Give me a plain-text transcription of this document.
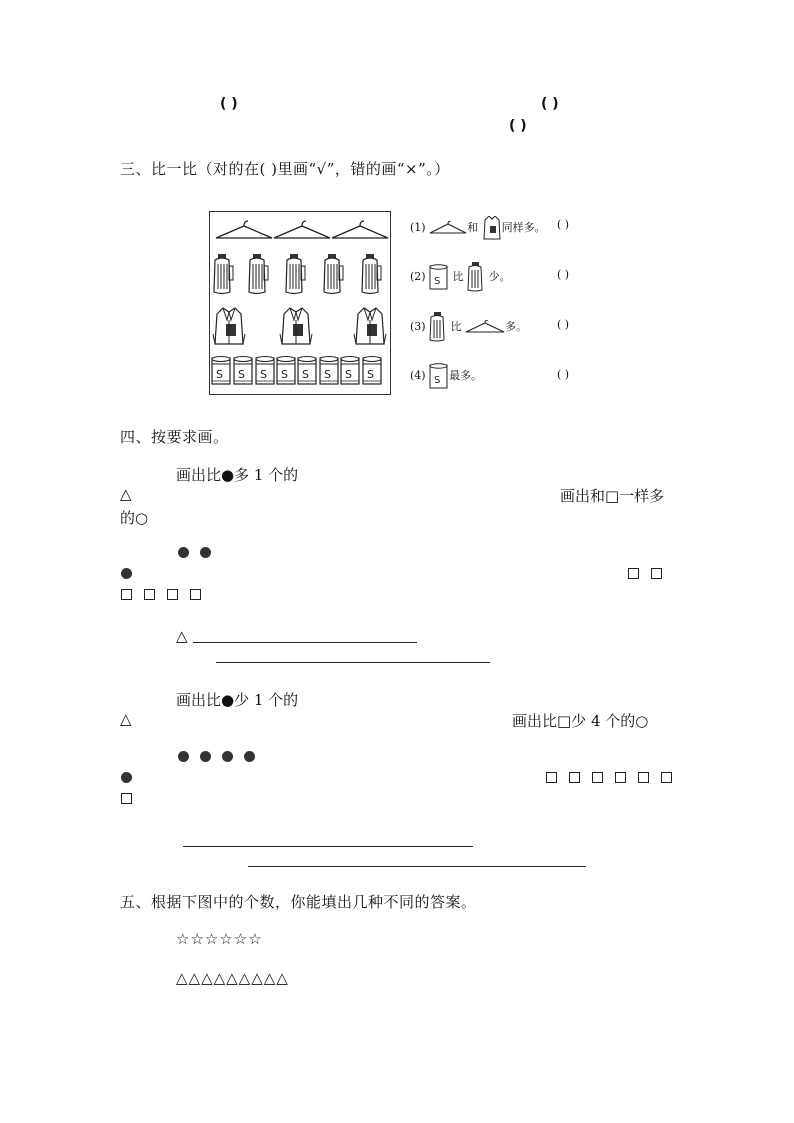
( )	( )
( )
三、比一比（对的在( )里画“√”，错的画“×”。）
S	(1)	和 同样多。 ( )
(2) S 比 少。	( )
(3) 比	多。	( )
(4) S 最多。	( )
四、按要求画。
画出比●多 1 个的
△	画出和□一样多
的○
△
画出比●少 1 个的
△	画出比□少 4 个的○
五、根据下图中的个数，你能填出几种不同的答案。
☆☆☆☆☆☆
△△△△△△△△△
